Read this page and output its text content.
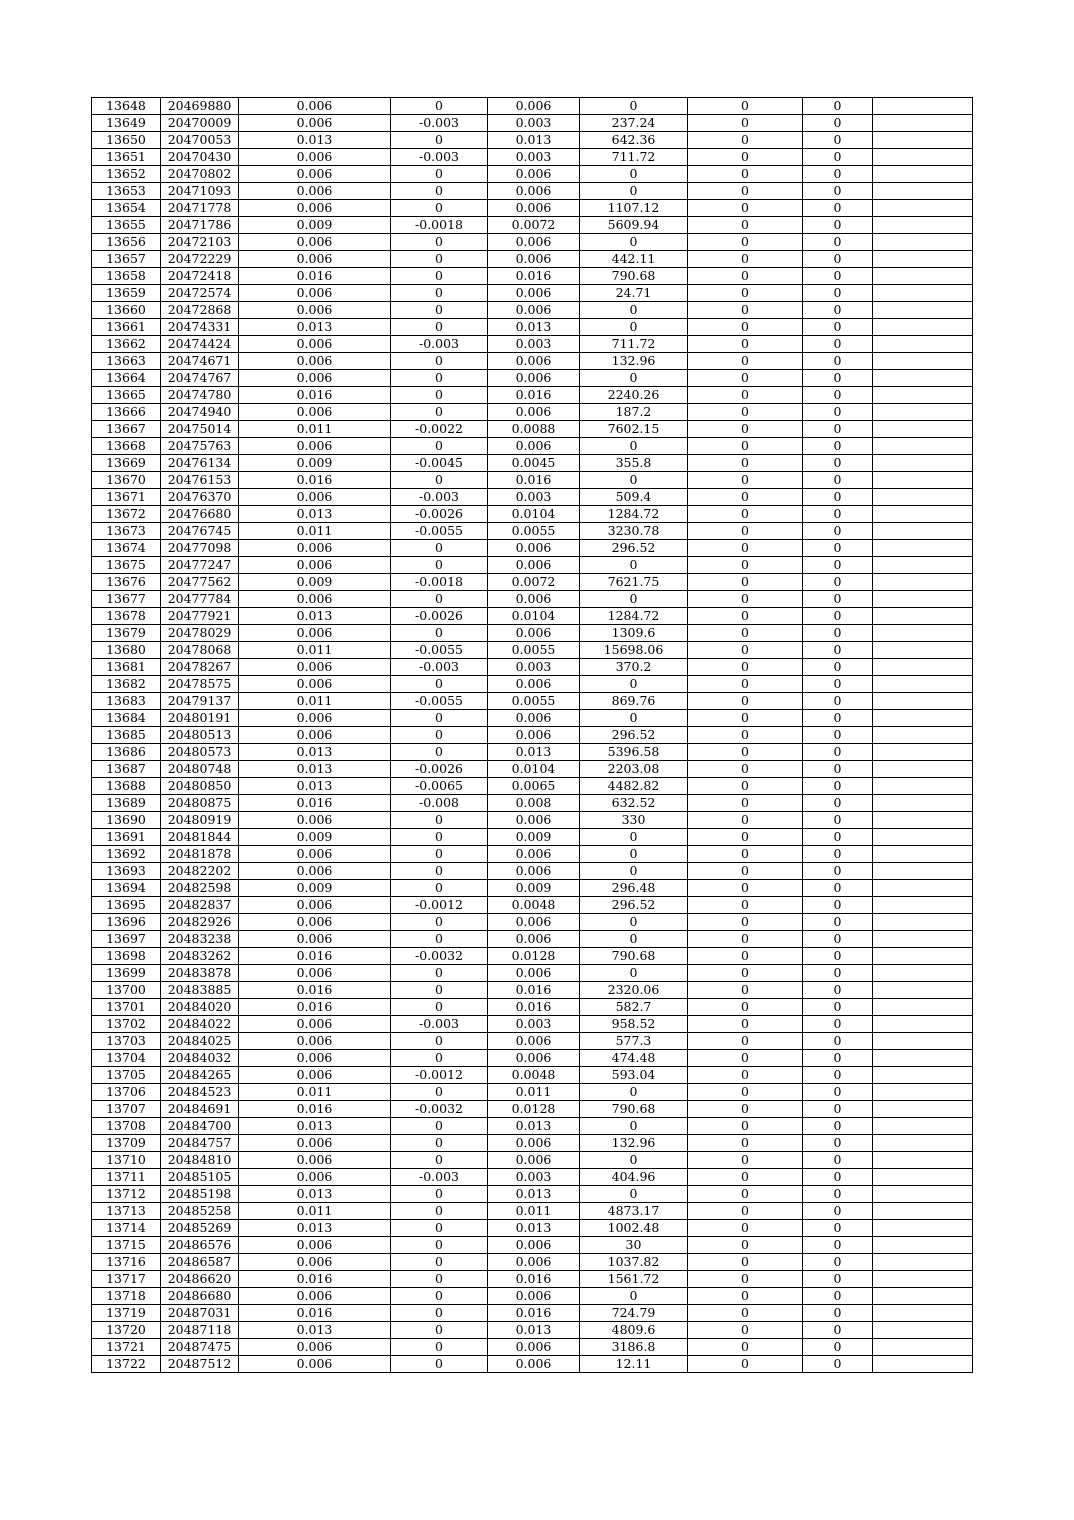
13648	20469880	0.006	0	0.006	0	0	0	
13649	20470009	0.006	-0.003	0.003	237.24	0	0	
13650	20470053	0.013	0	0.013	642.36	0	0	
13651	20470430	0.006	-0.003	0.003	711.72	0	0	
13652	20470802	0.006	0	0.006	0	0	0	
13653	20471093	0.006	0	0.006	0	0	0	
13654	20471778	0.006	0	0.006	1107.12	0	0	
13655	20471786	0.009	-0.0018	0.0072	5609.94	0	0	
13656	20472103	0.006	0	0.006	0	0	0	
13657	20472229	0.006	0	0.006	442.11	0	0	
13658	20472418	0.016	0	0.016	790.68	0	0	
13659	20472574	0.006	0	0.006	24.71	0	0	
13660	20472868	0.006	0	0.006	0	0	0	
13661	20474331	0.013	0	0.013	0	0	0	
13662	20474424	0.006	-0.003	0.003	711.72	0	0	
13663	20474671	0.006	0	0.006	132.96	0	0	
13664	20474767	0.006	0	0.006	0	0	0	
13665	20474780	0.016	0	0.016	2240.26	0	0	
13666	20474940	0.006	0	0.006	187.2	0	0	
13667	20475014	0.011	-0.0022	0.0088	7602.15	0	0	
13668	20475763	0.006	0	0.006	0	0	0	
13669	20476134	0.009	-0.0045	0.0045	355.8	0	0	
13670	20476153	0.016	0	0.016	0	0	0	
13671	20476370	0.006	-0.003	0.003	509.4	0	0	
13672	20476680	0.013	-0.0026	0.0104	1284.72	0	0	
13673	20476745	0.011	-0.0055	0.0055	3230.78	0	0	
13674	20477098	0.006	0	0.006	296.52	0	0	
13675	20477247	0.006	0	0.006	0	0	0	
13676	20477562	0.009	-0.0018	0.0072	7621.75	0	0	
13677	20477784	0.006	0	0.006	0	0	0	
13678	20477921	0.013	-0.0026	0.0104	1284.72	0	0	
13679	20478029	0.006	0	0.006	1309.6	0	0	
13680	20478068	0.011	-0.0055	0.0055	15698.06	0	0	
13681	20478267	0.006	-0.003	0.003	370.2	0	0	
13682	20478575	0.006	0	0.006	0	0	0	
13683	20479137	0.011	-0.0055	0.0055	869.76	0	0	
13684	20480191	0.006	0	0.006	0	0	0	
13685	20480513	0.006	0	0.006	296.52	0	0	
13686	20480573	0.013	0	0.013	5396.58	0	0	
13687	20480748	0.013	-0.0026	0.0104	2203.08	0	0	
13688	20480850	0.013	-0.0065	0.0065	4482.82	0	0	
13689	20480875	0.016	-0.008	0.008	632.52	0	0	
13690	20480919	0.006	0	0.006	330	0	0	
13691	20481844	0.009	0	0.009	0	0	0	
13692	20481878	0.006	0	0.006	0	0	0	
13693	20482202	0.006	0	0.006	0	0	0	
13694	20482598	0.009	0	0.009	296.48	0	0	
13695	20482837	0.006	-0.0012	0.0048	296.52	0	0	
13696	20482926	0.006	0	0.006	0	0	0	
13697	20483238	0.006	0	0.006	0	0	0	
13698	20483262	0.016	-0.0032	0.0128	790.68	0	0	
13699	20483878	0.006	0	0.006	0	0	0	
13700	20483885	0.016	0	0.016	2320.06	0	0	
13701	20484020	0.016	0	0.016	582.7	0	0	
13702	20484022	0.006	-0.003	0.003	958.52	0	0	
13703	20484025	0.006	0	0.006	577.3	0	0	
13704	20484032	0.006	0	0.006	474.48	0	0	
13705	20484265	0.006	-0.0012	0.0048	593.04	0	0	
13706	20484523	0.011	0	0.011	0	0	0	
13707	20484691	0.016	-0.0032	0.0128	790.68	0	0	
13708	20484700	0.013	0	0.013	0	0	0	
13709	20484757	0.006	0	0.006	132.96	0	0	
13710	20484810	0.006	0	0.006	0	0	0	
13711	20485105	0.006	-0.003	0.003	404.96	0	0	
13712	20485198	0.013	0	0.013	0	0	0	
13713	20485258	0.011	0	0.011	4873.17	0	0	
13714	20485269	0.013	0	0.013	1002.48	0	0	
13715	20486576	0.006	0	0.006	30	0	0	
13716	20486587	0.006	0	0.006	1037.82	0	0	
13717	20486620	0.016	0	0.016	1561.72	0	0	
13718	20486680	0.006	0	0.006	0	0	0	
13719	20487031	0.016	0	0.016	724.79	0	0	
13720	20487118	0.013	0	0.013	4809.6	0	0	
13721	20487475	0.006	0	0.006	3186.8	0	0	
13722	20487512	0.006	0	0.006	12.11	0	0	
